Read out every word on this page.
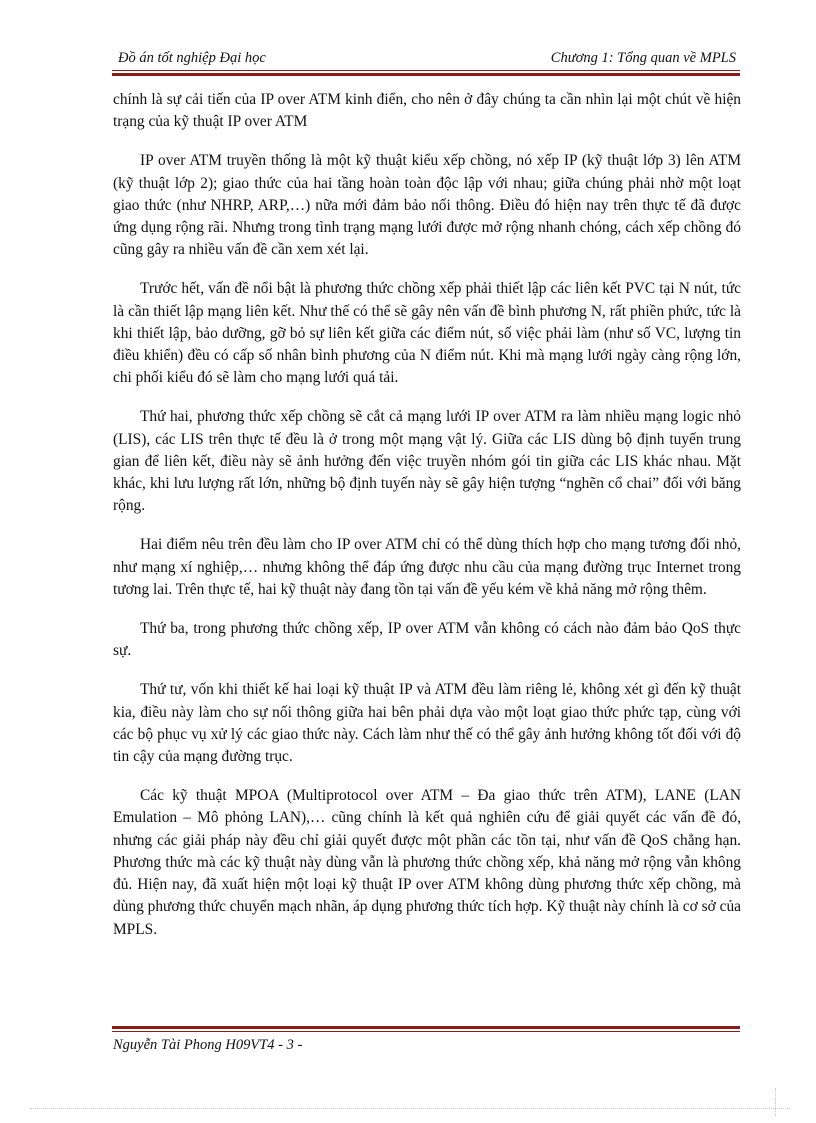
Đồ án tốt nghiệp Đại học	Chương 1: Tổng quan về MPLS

chính là sự cải tiến của IP over ATM kinh điển, cho nên ở đây chúng ta cần nhìn lại một chút về hiện trạng của kỹ thuật IP over ATM

IP over ATM truyền thống là một kỹ thuật kiểu xếp chồng, nó xếp IP (kỹ thuật lớp 3) lên ATM (kỹ thuật lớp 2); giao thức của hai tầng hoàn toàn độc lập với nhau; giữa chúng phải nhờ một loạt giao thức (như NHRP, ARP,…) nữa mới đảm bảo nối thông. Điều đó hiện nay trên thực tế đã được ứng dụng rộng rãi. Nhưng trong tình trạng mạng lưới được mở rộng nhanh chóng, cách xếp chồng đó cũng gây ra nhiều vấn đề cần xem xét lại.

Trước hết, vấn đề nổi bật là phương thức chồng xếp phải thiết lập các liên kết PVC tại N nút, tức là cần thiết lập mạng liên kết. Như thế có thể sẽ gây nên vấn đề bình phương N, rất phiền phức, tức là khi thiết lập, bảo dưỡng, gỡ bỏ sự liên kết giữa các điểm nút, số việc phải làm (như số VC, lượng tin điều khiển) đều có cấp số nhân bình phương của N điểm nút. Khi mà mạng lưới ngày càng rộng lớn, chi phối kiểu đó sẽ làm cho mạng lưới quá tải.

Thứ hai, phương thức xếp chồng sẽ cắt cả mạng lưới IP over ATM ra làm nhiều mạng logic nhỏ (LIS), các LIS trên thực tế đều là ở trong một mạng vật lý. Giữa các LIS dùng bộ định tuyến trung gian để liên kết, điều này sẽ ảnh hưởng đến việc truyền nhóm gói tin giữa các LIS khác nhau. Mặt khác, khi lưu lượng rất lớn, những bộ định tuyến này sẽ gây hiện tượng “nghẽn cổ chai” đối với băng rộng.

Hai điểm nêu trên đều làm cho IP over ATM chỉ có thể dùng thích hợp cho mạng tương đối nhỏ, như mạng xí nghiệp,… nhưng không thể đáp ứng được nhu cầu của mạng đường trục Internet trong tương lai. Trên thực tế, hai kỹ thuật này đang tồn tại vấn đề yếu kém về khả năng mở rộng thêm.

Thứ ba, trong phương thức chồng xếp, IP over ATM vẫn không có cách nào đảm bảo QoS thực sự.

Thứ tư, vốn khi thiết kế hai loại kỹ thuật IP và ATM đều làm riêng lẻ, không xét gì đến kỹ thuật kia, điều này làm cho sự nối thông giữa hai bên phải dựa vào một loạt giao thức phức tạp, cùng với các bộ phục vụ xử lý các giao thức này. Cách làm như thế có thể gây ảnh hưởng không tốt đối với độ tin cậy của mạng đường trục.

Các kỹ thuật MPOA (Multiprotocol over ATM – Đa giao thức trên ATM), LANE (LAN Emulation – Mô phỏng LAN),… cũng chính là kết quả nghiên cứu để giải quyết các vấn đề đó, nhưng các giải pháp này đều chỉ giải quyết được một phần các tồn tại, như vấn đề QoS chẳng hạn. Phương thức mà các kỹ thuật này dùng vẫn là phương thức chồng xếp, khả năng mở rộng vẫn không đủ. Hiện nay, đã xuất hiện một loại kỹ thuật IP over ATM không dùng phương thức xếp chồng, mà dùng phương thức chuyển mạch nhãn, áp dụng phương thức tích hợp. Kỹ thuật này chính là cơ sở của MPLS.

Nguyễn Tài Phong H09VT4 - 3 -
